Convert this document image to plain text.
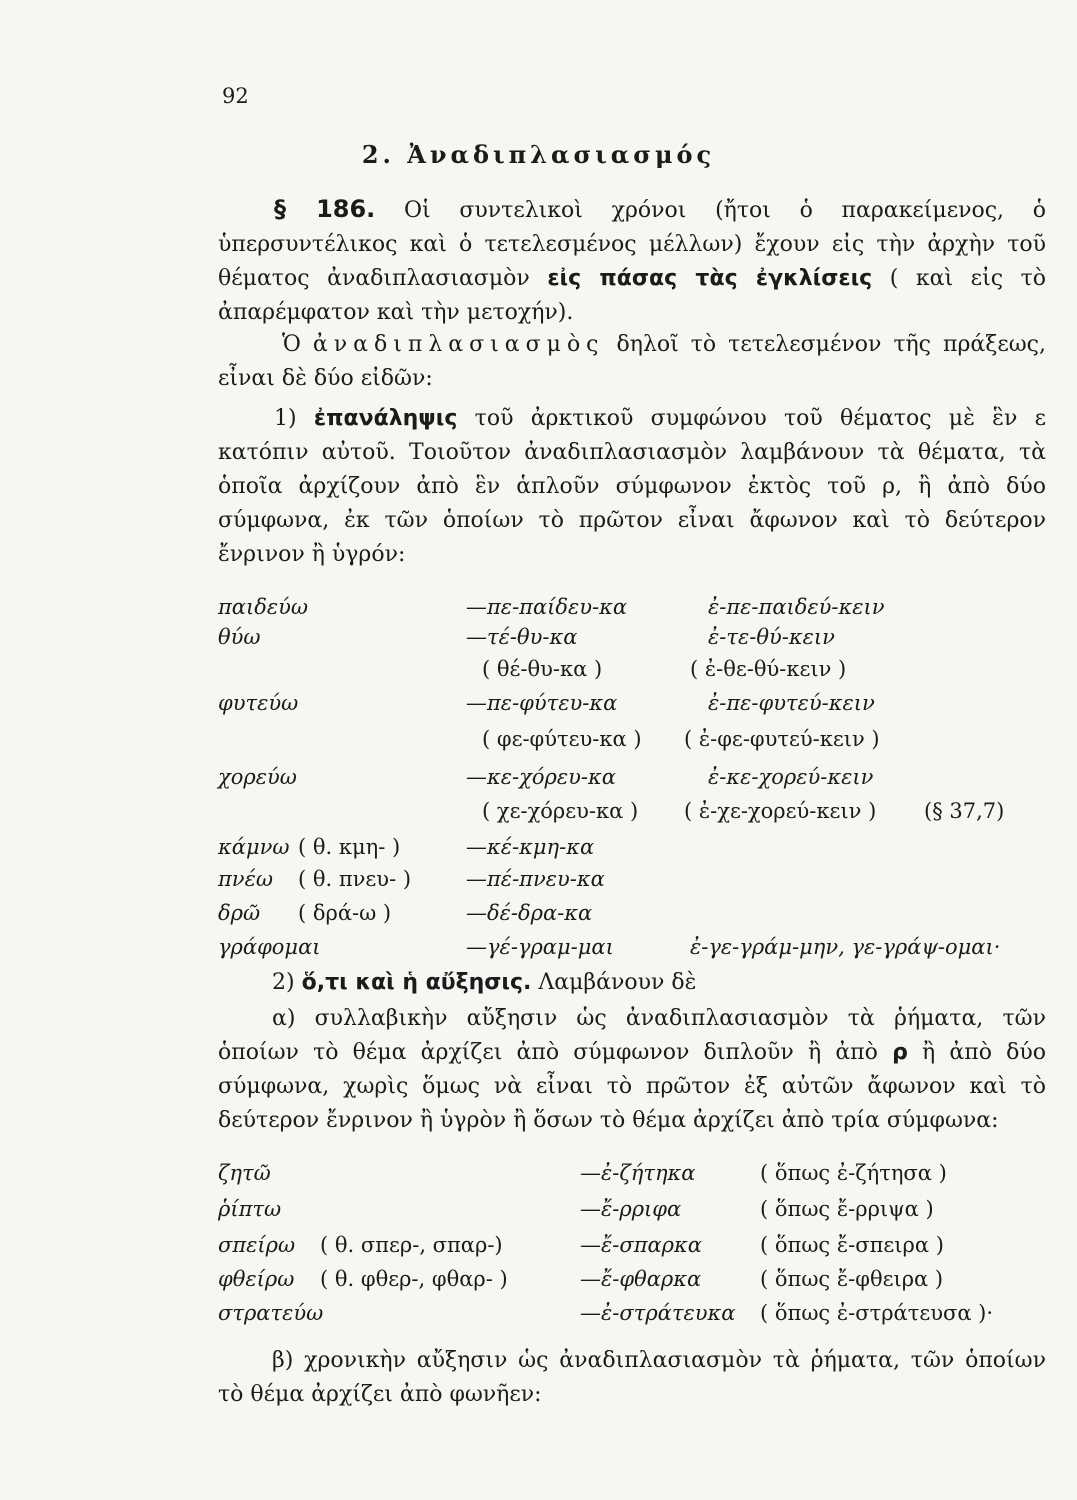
92
2. Ἀναδιπλασιασμός
§ 186. Οἱ συντελικοὶ χρόνοι (ἤτοι ὁ παρακείμενος, ὁ ὑπερσυντέλικος καὶ ὁ τετελεσμένος μέλλων) ἔχουν εἰς τὴν ἀρχὴν τοῦ θέματος ἀναδιπλασιασμὸν εἰς πάσας τὰς ἐγκλίσεις ( καὶ εἰς τὸ ἀπαρέμφατον καὶ τὴν μετοχήν).
Ὁ ἀναδιπλασιασμὸς δηλοῖ τὸ τετελεσμένον τῆς πράξεως, εἶναι δὲ δύο εἰδῶν:
1) ἐπανάληψις τοῦ ἀρκτικοῦ συμφώνου τοῦ θέματος μὲ ἓν ε κατόπιν αὐτοῦ. Τοιοῦτον ἀναδιπλασιασμὸν λαμβάνουν τὰ θέματα, τὰ ὁποῖα ἀρχίζουν ἀπὸ ἓν ἁπλοῦν σύμφωνον ἐκτὸς τοῦ ρ, ἢ ἀπὸ δύο σύμφωνα, ἐκ τῶν ὁποίων τὸ πρῶτον εἶναι ἄφωνον καὶ τὸ δεύτερον ἔνρινον ἢ ὑγρόν:
παιδεύω	—πε-παίδευ-κα	ἐ-πε-παιδεύ-κειν
θύω	—τέ-θυ-κα	ἐ-τε-θύ-κειν
( θέ-θυ-κα )	( ἐ-θε-θύ-κειν )
φυτεύω	—πε-φύτευ-κα	ἐ-πε-φυτεύ-κειν
( φε-φύτευ-κα ) ( ἐ-φε-φυτεύ-κειν )
χορεύω	—κε-χόρευ-κα	ἐ-κε-χορεύ-κειν
( χε-χόρευ-κα ) ( ἐ-χε-χορεύ-κειν ) (§ 37,7)
κάμνω ( θ. κμη- )	—κέ-κμη-κα
πνέω ( θ. πνευ- )	—πέ-πνευ-κα
δρῶ ( δρά-ω )	—δέ-δρα-κα
γράφομαι	—γέ-γραμ-μαι	ἐ-γε-γράμ-μην, γε-γράψ-ομαι·
2) ὅ,τι καὶ ἡ αὔξησις. Λαμβάνουν δὲ
α) συλλαβικὴν αὔξησιν ὡς ἀναδιπλασιασμὸν τὰ ῥήματα, τῶν ὁποίων τὸ θέμα ἀρχίζει ἀπὸ σύμφωνον διπλοῦν ἢ ἀπὸ ρ ἢ ἀπὸ δύο σύμφωνα, χωρὶς ὅμως νὰ εἶναι τὸ πρῶτον ἐξ αὐτῶν ἄφωνον καὶ τὸ δεύτερον ἔνρινον ἢ ὑγρὸν ἢ ὅσων τὸ θέμα ἀρχίζει ἀπὸ τρία σύμφωνα:
ζητῶ	—ἐ-ζήτηκα	( ὅπως ἐ-ζήτησα )
ῥίπτω	—ἔ-ρριφα	( ὅπως ἔ-ρριψα )
σπείρω ( θ. σπερ-, σπαρ-)	—ἔ-σπαρκα	( ὅπως ἔ-σπειρα )
φθείρω ( θ. φθερ-, φθαρ- )	—ἔ-φθαρκα	( ὅπως ἔ-φθειρα )
στρατεύω	—ἐ-στράτευκα ( ὅπως ἐ-στράτευσα )·
β) χρονικὴν αὔξησιν ὡς ἀναδιπλασιασμὸν τὰ ῥήματα, τῶν ὁποίων τὸ θέμα ἀρχίζει ἀπὸ φωνῆεν:
